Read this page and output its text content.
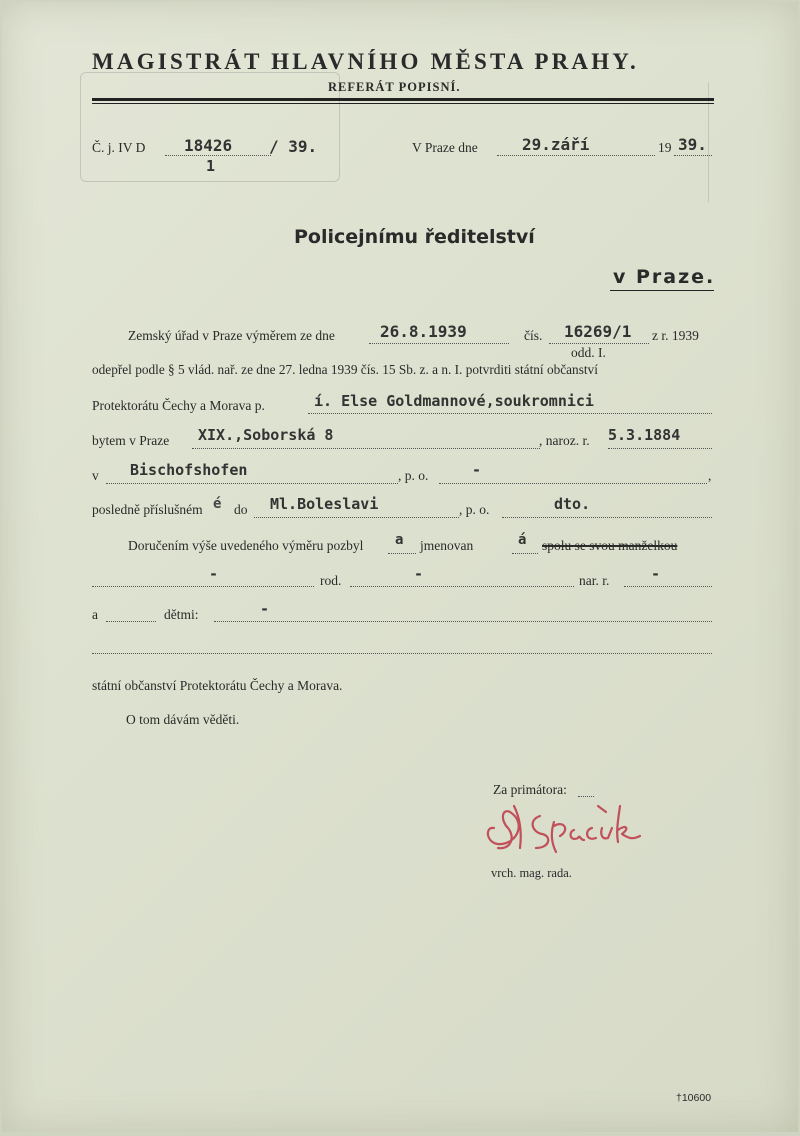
MAGISTRÁT HLAVNÍHO MĚSTA PRAHY.
REFERÁT POPISNÍ.
Č. j. IV D 18426
1
/ 39.	V Praze dne	29.září	19 39.
Policejnímu ředitelství
v Praze.
Zemský úřad v Praze výměrem ze dne	26.8.1939	čís. 16269/1 z r. 1939
odd. I.
odepřel podle § 5 vlád. nař. ze dne 27. ledna 1939 čís. 15 Sb. z. a n. I. potvrditi státní občanství
Protektorátu Čechy a Morava p.	í. Else Goldmannové,soukromnici
bytem v Praze XIX.,Soborská 8	, naroz. r. 5.3.1884
v Bischofshofen	, p. o.	-	,
posledně příslušném é do Ml.Boleslavi	, p. o.	dto.
Doručením výše uvedeného výměru pozbyl a jmenovan	á spolu se svou manželkou
-	rod.	-	nar. r.	-
a	dětmi:	-
státní občanství Protektorátu Čechy a Morava.
O tom dávám věděti.
Za primátora:
vrch. mag. rada.
†10600
